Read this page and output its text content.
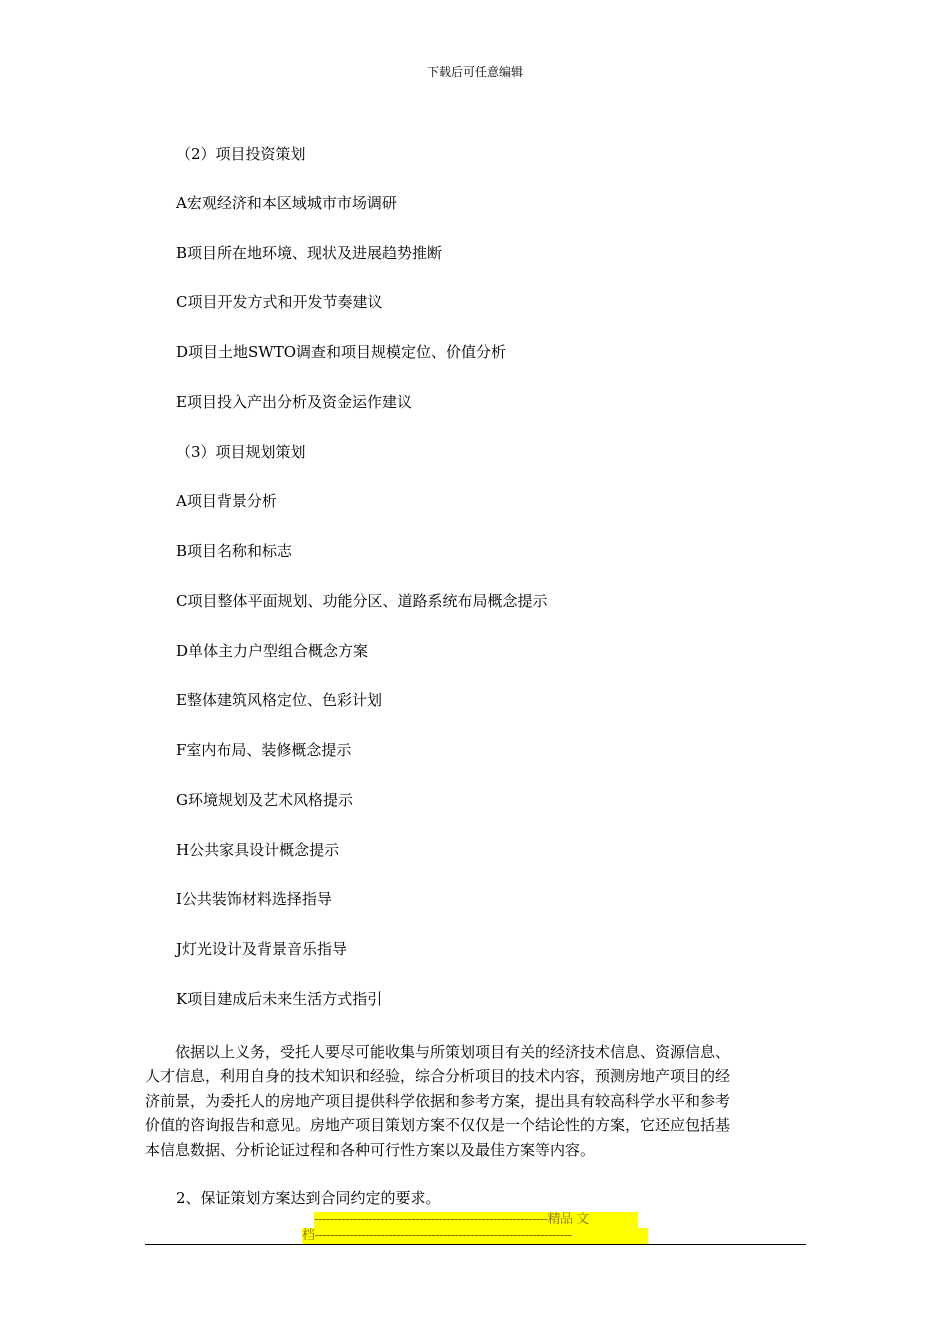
下载后可任意编辑
（2）项目投资策划
A宏观经济和本区域城市市场调研
B项目所在地环境、现状及进展趋势推断
C项目开发方式和开发节奏建议
D项目土地SWTO调查和项目规模定位、价值分析
E项目投入产出分析及资金运作建议
（3）项目规划策划
A项目背景分析
B项目名称和标志
C项目整体平面规划、功能分区、道路系统布局概念提示
D单体主力户型组合概念方案
E整体建筑风格定位、色彩计划
F室内布局、装修概念提示
G环境规划及艺术风格提示
H公共家具设计概念提示
I公共装饰材料选择指导
J灯光设计及背景音乐指导
K项目建成后未来生活方式指引
依据以上义务，受托人要尽可能收集与所策划项目有关的经济技术信息、资源信息、
人才信息，利用自身的技术知识和经验，综合分析项目的技术内容，预测房地产项目的经
济前景，为委托人的房地产项目提供科学依据和参考方案，提出具有较高科学水平和参考
价值的咨询报告和意见。房地产项目策划方案不仅仅是一个结论性的方案，它还应包括基
本信息数据、分析论证过程和各种可行性方案以及最佳方案等内容。
2、保证策划方案达到合同约定的要求。
------------------------------------------------------------精品 文
档------------------------------------------------------------------
